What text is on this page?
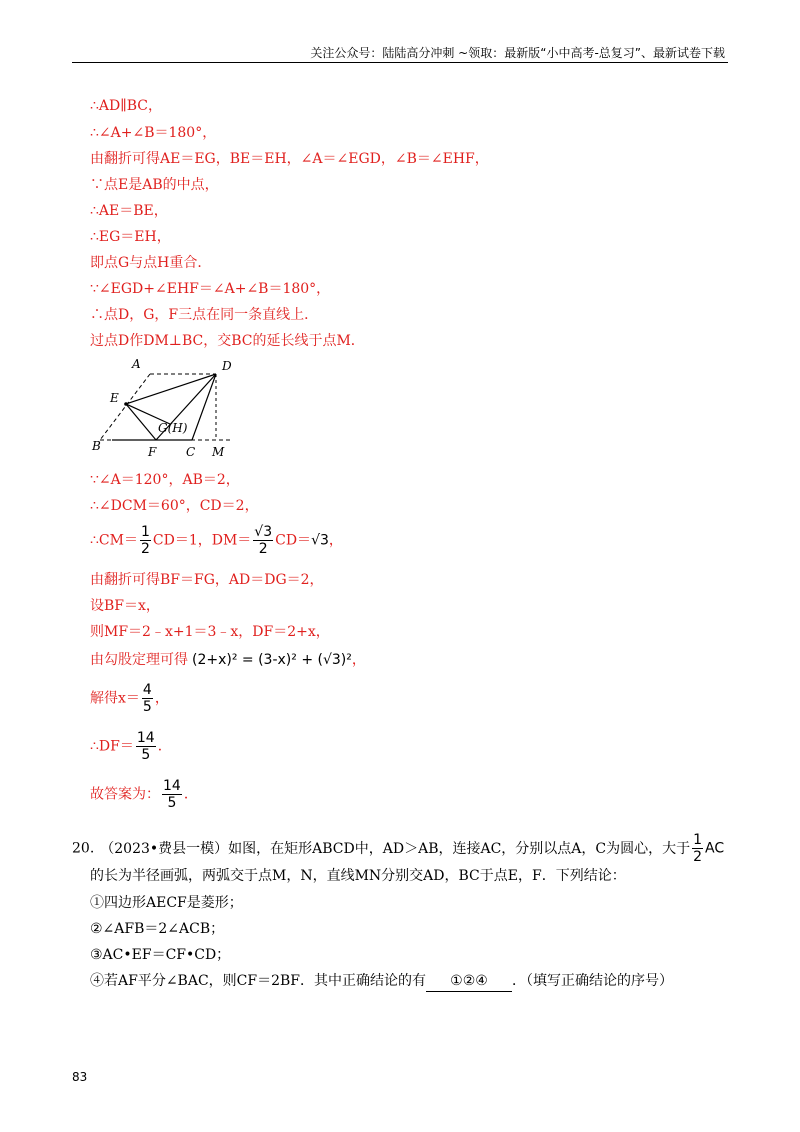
关注公众号：陆陆高分冲刺 ~领取：最新版“小中高考-总复习”、最新试卷下载
∴AD∥BC，
∴∠A+∠B＝180°，
由翻折可得AE＝EG，BE＝EH，∠A＝∠EGD，∠B＝∠EHF，
∵点E是AB的中点，
∴AE＝BE，
∴EG＝EH，
即点G与点H重合．
∵∠EGD+∠EHF＝∠A+∠B＝180°，
∴点D，G，F三点在同一条直线上．
过点D作DM⊥BC，交BC的延长线于点M．
A	D
E
G(H)
B	F C M
∵∠A＝120°，AB＝2，
∴∠DCM＝60°，CD＝2，
∴CM＝ $\frac{1}{2} CD=1$，$DM= \frac{√3}{2} CD=√3$，
由翻折可得BF＝FG，AD＝DG＝2，
设BF＝x，
则MF＝2﹣x+1＝3﹣x，DF＝2+x，
由勾股定理可得 (2+x)² = (3-x)² + (√3)²，
解得$x= \frac{4}{5}$ ，
∴DF＝ $\frac{14}{5}$ ．
故答案为： $\frac{14}{5}$ ．
20. （2023•费县一模）如图，在矩形ABCD中，AD＞AB，连接AC，分别以点A，C为圆心，大于 $\frac{1}{2}$ AC
的长为半径画弧，两弧交于点M，N，直线MN分别交AD，BC于点E，F．下列结论：
①四边形AECF是菱形；
②∠AFB＝2∠ACB；
③AC•EF＝CF•CD；
④若AF平分∠BAC，则CF＝2BF．其中正确结论的有 ①②④ ．（填写正确结论的序号）
83
